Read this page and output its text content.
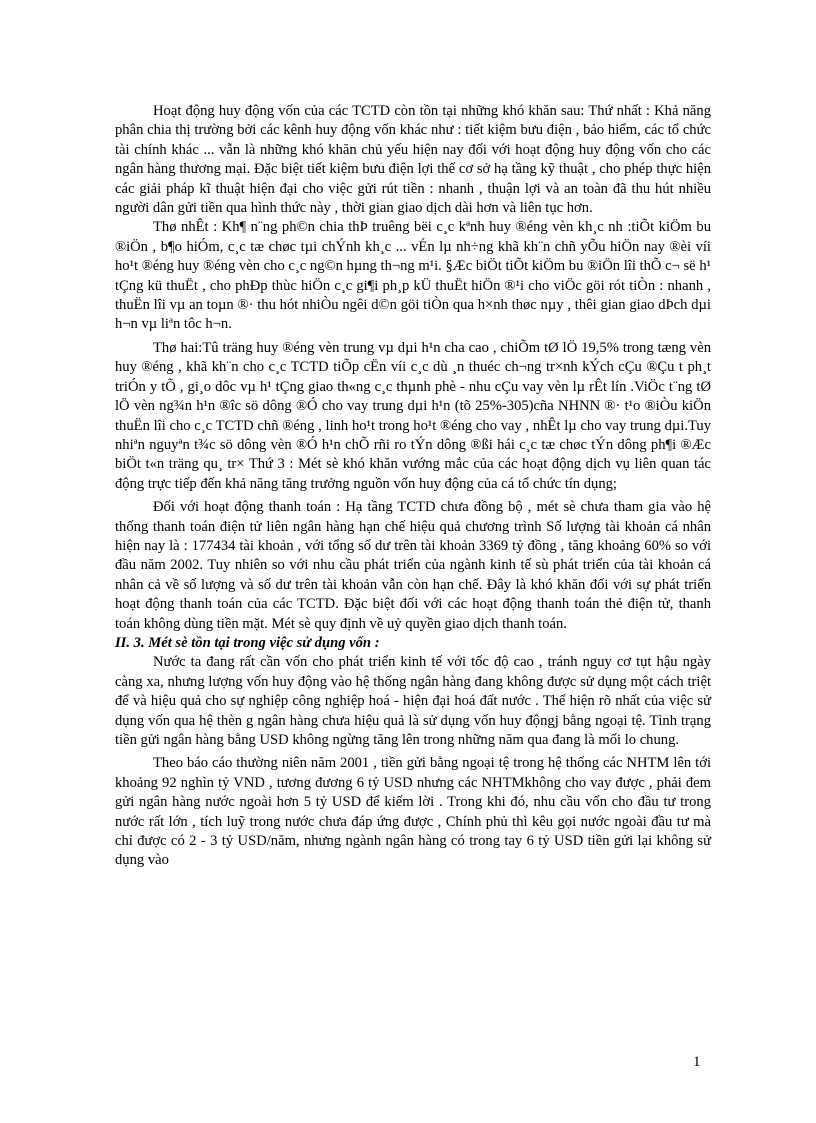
Hoạt động huy động vốn của các TCTD còn tồn tại những khó khăn sau: Thứ nhất : Khả năng phân chia thị trường bởi các kênh huy động vốn khác như : tiết kiệm bưu điện , bảo hiểm, các tổ chức tài chính khác ... vẫn là những khó khăn chủ yếu hiện nay đối với hoạt động huy động vốn cho các ngân hàng thương mại. Đặc biệt tiết kiệm bưu điện lợi thế cơ sở hạ tầng kỹ thuật , cho phép thực hiện các giải pháp kĩ thuật hiện đại cho việc gửi rút tiền : nhanh , thuận lợi và an toàn đã thu hút nhiều người dân gửi tiền qua hình thức này , thời gian giao dịch dài hơn và liên tục hơn.

Thø nhÊt : Kh¶ n¨ng ph©n chia thÞ truêng bëi c¸c kªnh huy ®éng vèn kh¸c nh :tiÕt kiÖm bu ®iÖn , b¶o hiÓm, c¸c tæ chøc tµi chÝnh kh¸c ... vÉn lµ nh÷ng khã kh¨n chñ yÕu hiÖn nay ®èi víi ho¹t ®éng huy ®éng vèn cho c¸c ng©n hµng th¬ng m¹i. §Æc biÖt tiÕt kiÖm bu ®iÖn lîi thÕ c¬ së h¹ tÇng kü thuËt , cho phÐp thùc hiÖn c¸c gi¶i ph¸p kÜ thuËt hiÖn ®¹i cho viÖc göi rót tiÒn : nhanh , thuËn lîi vµ an toµn ®· thu hót nhiÒu ngêi d©n göi tiÒn qua h×nh thøc nµy , thêi gian giao dÞch dµi h¬n vµ liªn tôc h¬n.

Thø hai:Tû träng huy ®éng vèn trung vµ dµi h¹n cha cao , chiÕm tØ lÖ 19,5% trong tæng vèn huy ®éng , khã kh¨n cho c¸c TCTD tiÕp cËn víi c¸c dù ¸n thuéc ch¬ng tr×nh kÝch cÇu ®Çu t ph¸t triÓn y tÕ , gi¸o dôc vµ h¹ tÇng giao th«ng c¸c thµnh phè - nhu cÇu vay vèn lµ rÊt lín .ViÖc t¨ng tØ lÖ vèn ng¾n h¹n ®îc sö dông ®Ó cho vay trung dµi h¹n (tõ 25%-305)cña NHNN ®· t¹o ®iÒu kiÖn thuËn lîi cho c¸c TCTD chñ ®éng , linh ho¹t trong ho¹t ®éng cho vay , nhÊt lµ cho vay trung dµi.Tuy nhiªn nguyªn t¾c sö dông vèn ®Ó h¹n chÕ rñi ro tÝn dông ®ßi hái c¸c tæ chøc tÝn dông ph¶i ®Æc biÖt t«n träng qu¸ tr× Thứ 3 : Mét sè khó khăn vướng mắc của các hoạt động dịch vụ liên quan tác động trực tiếp đến khả năng tăng trưởng nguồn vốn huy động của cá tổ chức tín dụng;

Đối với hoạt động thanh toán : Hạ tầng TCTD chưa đồng bộ , mét sè chưa tham gia vào hệ thống thanh toán điện tử liên ngân hàng hạn chế hiệu quả chương trình Số lượng tài khoản cá nhân hiện nay là : 177434 tài khoản , với tổng số dư trên tài khoản 3369 tỷ đồng , tăng khoảng 60% so với đầu năm 2002. Tuy nhiên so với nhu cầu phát triển của ngành kinh tế sù phát triển của tài khoản cá nhân cả về số lượng và số dư trên tài khoản vẫn còn hạn chế. Đây là khó khăn đối với sự phát triển hoạt động thanh toán của các TCTD. Đặc biệt đối với các hoạt động thanh toán thẻ điện tử, thanh toán không dùng tiền mặt. Mét sè quy định về uỷ quyền giao dịch thanh toán.

II. 3. Mét sè tồn tại trong việc sử dụng vốn :

Nước ta đang rất cần vốn cho phát triển kinh tế với tốc độ cao , tránh nguy cơ tụt hậu ngày càng xa, nhưng lượng vốn huy động vào hệ thống ngân hàng đang không được sử dụng một cách triệt để và hiệu quả cho sự nghiệp công nghiệp hoá - hiện đại hoá đất nước . Thể hiện rõ nhất của việc sử dụng vốn qua hệ thèn g ngân hàng chưa hiệu quả là sử dụng vốn huy độngj bằng ngoại tệ. Tình trạng tiền gửi ngân hàng bằng USD không ngừng tăng lên trong những năm qua đang là mối lo chung.

Theo báo cáo thường niên năm 2001 , tiền gửi bằng ngoại tệ trong hệ thống các NHTM lên tới khoảng 92 nghìn tỷ VND , tương đương 6 tỷ USD nhưng các NHTMkhông cho vay được , phải đem gửi ngân hàng nước ngoài hơn 5 tỷ USD để kiếm lời . Trong khi đó, nhu cầu vốn cho đầu tư trong nước rất lớn , tích luỹ trong nước chưa đáp ứng được , Chính phủ thì kêu gọi nước ngoài đầu tư mà chỉ được có 2 - 3 tỷ USD/năm, nhưng ngành ngân hàng có trong tay 6 tỷ USD tiền gửi lại không sử dụng vào

1
